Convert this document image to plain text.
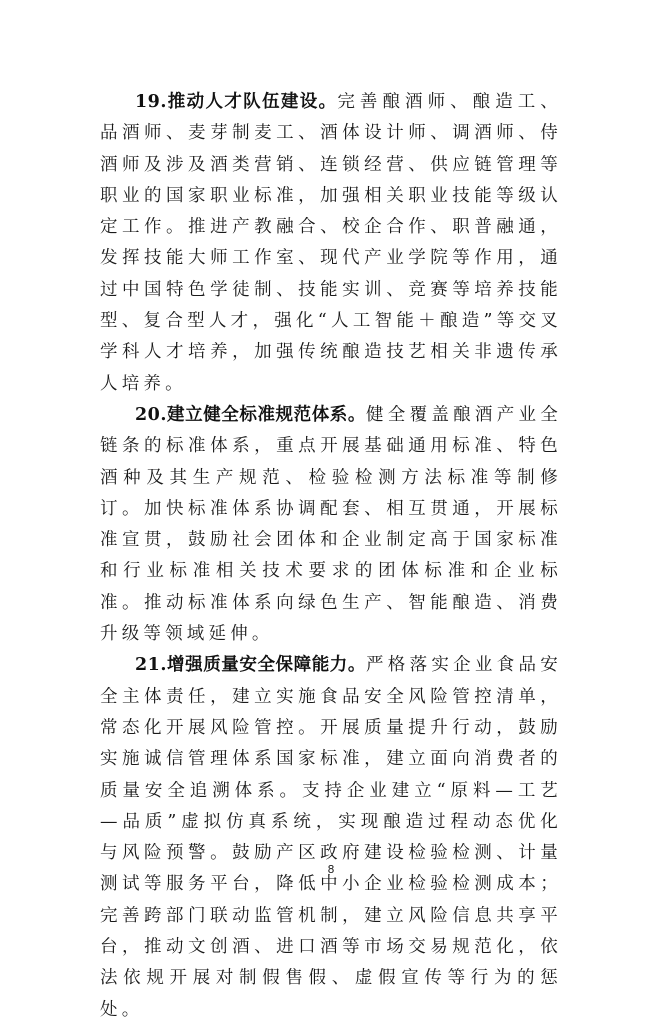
19.推动人才队伍建设。完善酿酒师、酿造工、品酒师、麦芽制麦工、酒体设计师、调酒师、侍酒师及涉及酒类营销、连锁经营、供应链管理等职业的国家职业标准，加强相关职业技能等级认定工作。推进产教融合、校企合作、职普融通，发挥技能大师工作室、现代产业学院等作用，通过中国特色学徒制、技能实训、竞赛等培养技能型、复合型人才，强化“人工智能＋酿造”等交叉学科人才培养，加强传统酿造技艺相关非遗传承人培养。

20.建立健全标准规范体系。健全覆盖酿酒产业全链条的标准体系，重点开展基础通用标准、特色酒种及其生产规范、检验检测方法标准等制修订。加快标准体系协调配套、相互贯通，开展标准宣贯，鼓励社会团体和企业制定高于国家标准和行业标准相关技术要求的团体标准和企业标准。推动标准体系向绿色生产、智能酿造、消费升级等领域延伸。

21.增强质量安全保障能力。严格落实企业食品安全主体责任，建立实施食品安全风险管控清单，常态化开展风险管控。开展质量提升行动，鼓励实施诚信管理体系国家标准，建立面向消费者的质量安全追溯体系。支持企业建立“原料—工艺—品质”虚拟仿真系统，实现酿造过程动态优化与风险预警。鼓励产区政府建设检验检测、计量测试等服务平台，降低中小企业检验检测成本；完善跨部门联动监管机制，建立风险信息共享平台，推动文创酒、进口酒等市场交易规范化，依法依规开展对制假售假、虚假宣传等行为的惩处。

8
